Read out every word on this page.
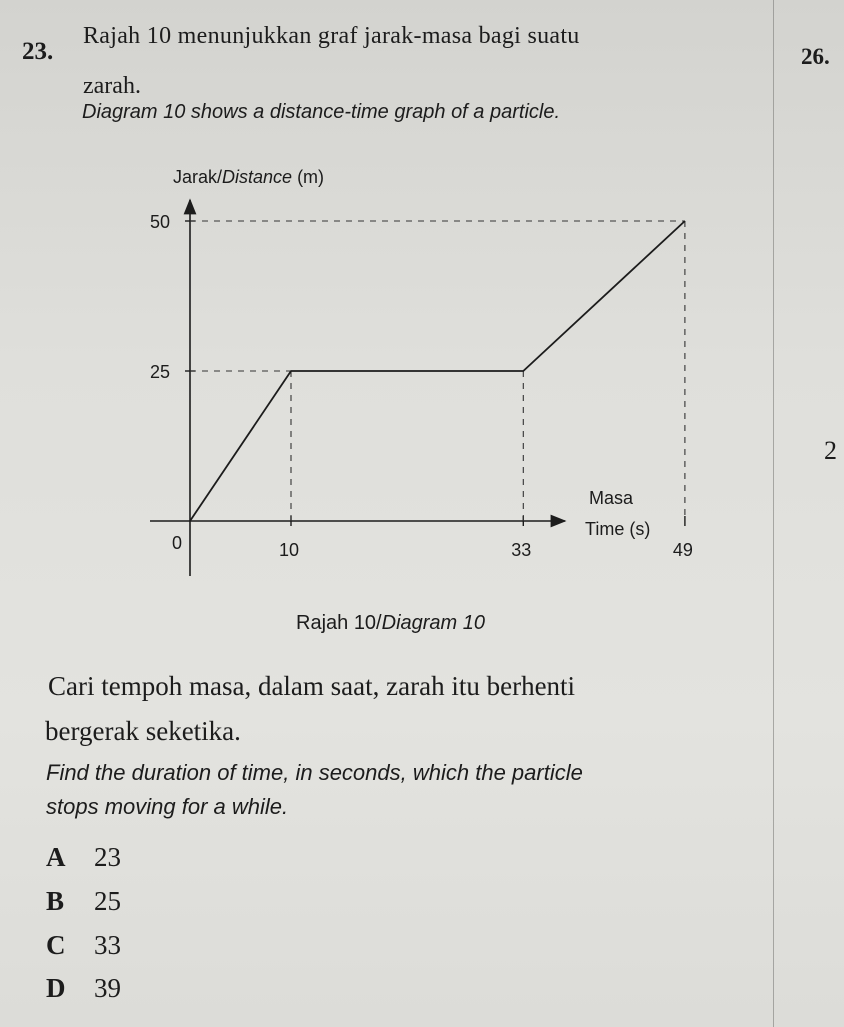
23.
Rajah 10 menunjukkan graf jarak-masa bagi suatu
zarah.
Diagram 10 shows a distance-time graph of a particle.
26.
2
Jarak/Distance (m)
Masa
Time (s)
0
25
50
10	33	49
Rajah 10/Diagram 10
Cari tempoh masa, dalam saat, zarah itu berhenti
bergerak seketika.
Find the duration of time, in seconds, which the particle
stops moving for a while.
A 23
B 25
C 33
D 39
